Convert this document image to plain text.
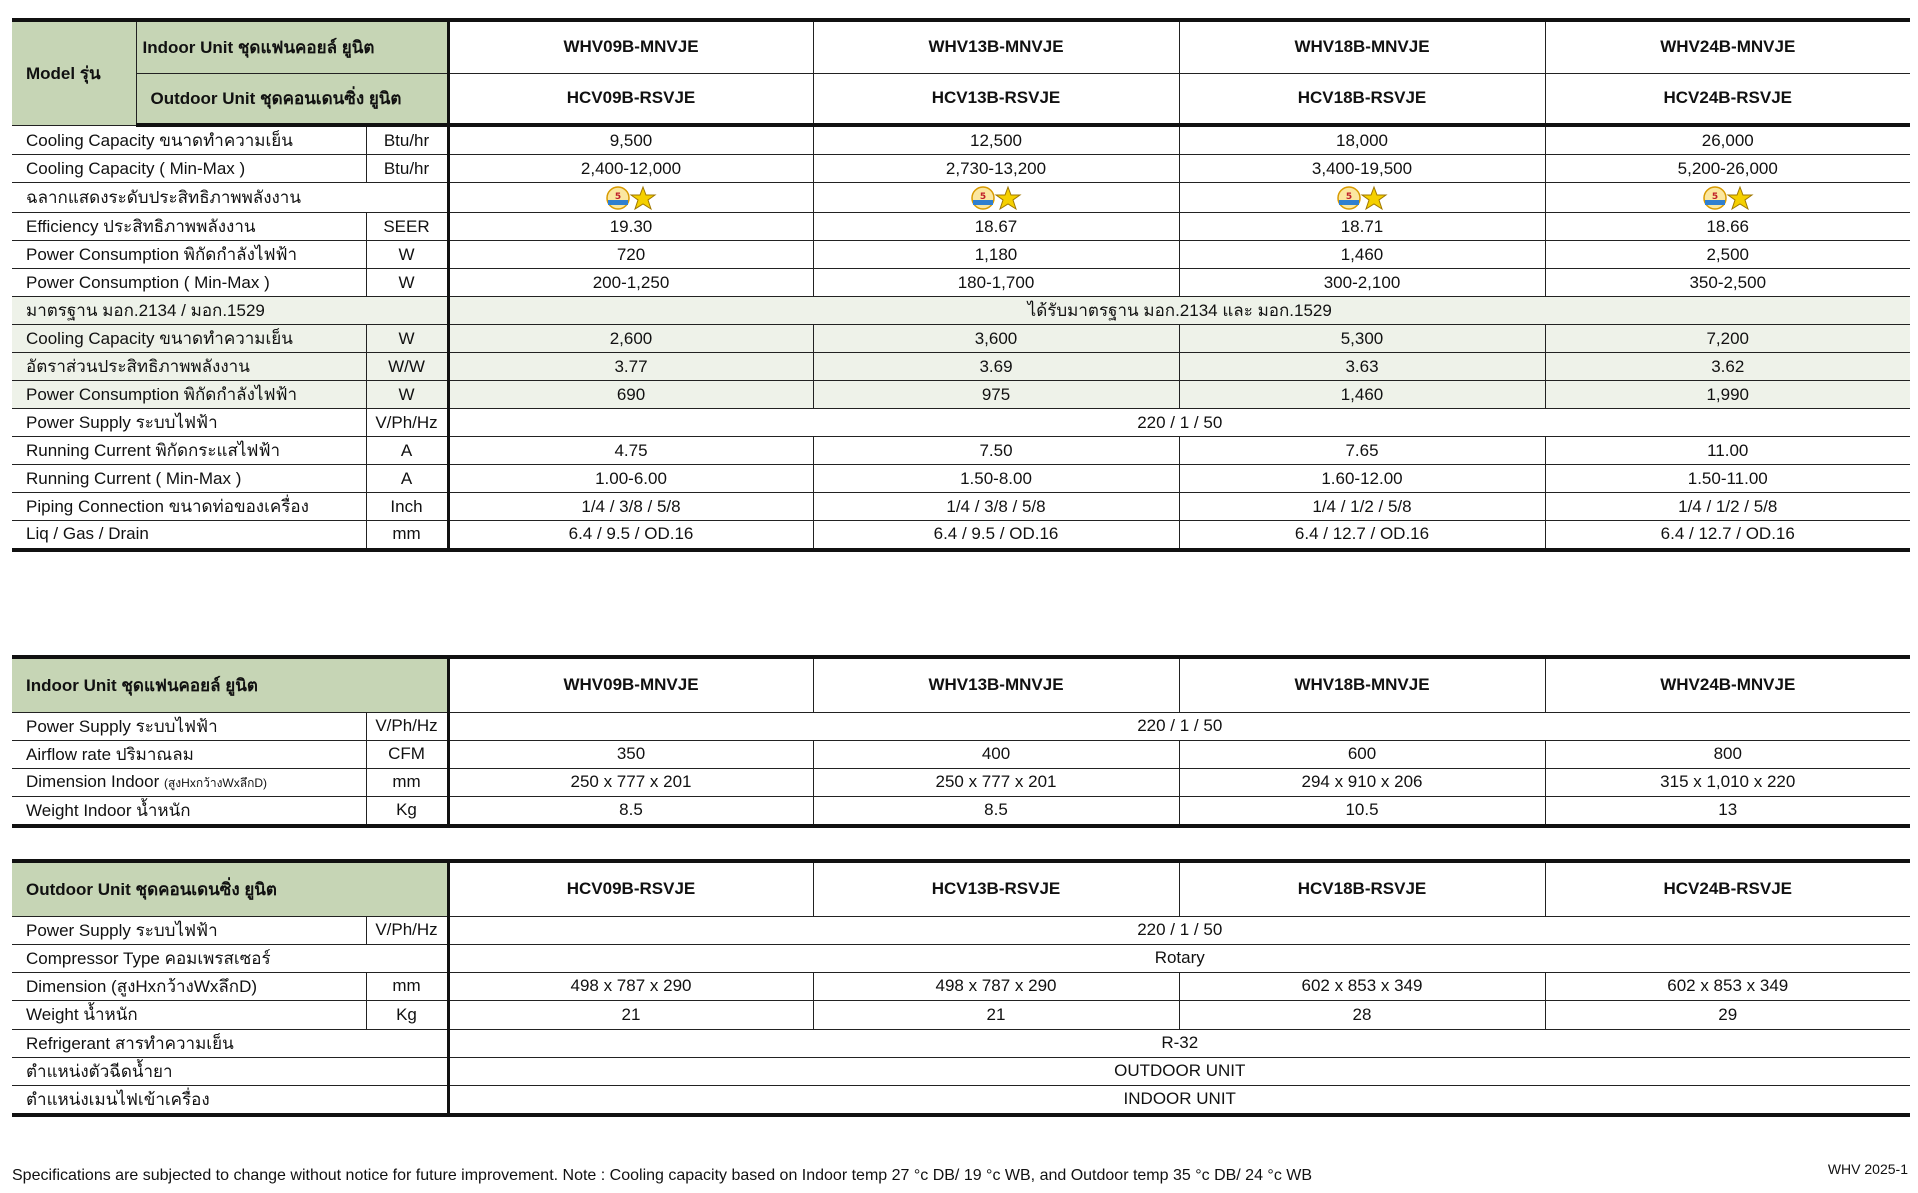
Model รุ่น	Indoor Unit ชุดแฟนคอยล์ ยูนิต		WHV09B-MNVJE	WHV13B-MNVJE	WHV18B-MNVJE	WHV24B-MNVJE
	Outdoor Unit ชุดคอนเดนซิ่ง ยูนิต		HCV09B-RSVJE	HCV13B-RSVJE	HCV18B-RSVJE	HCV24B-RSVJE
Cooling Capacity ขนาดทำความเย็น		Btu/hr	9,500	12,500	18,000	26,000
Cooling Capacity ( Min-Max )		Btu/hr	2,400-12,000	2,730-13,200	3,400-19,500	5,200-26,000
ฉลากแสดงระดับประสิทธิภาพพลังงาน			5	5	5	5

Efficiency ประสิทธิภาพพลังงาน		SEER	19.30	18.67	18.71	18.66
Power Consumption พิกัดกำลังไฟฟ้า		W	720	1,180	1,460	2,500
Power Consumption ( Min-Max )		W	200-1,250	180-1,700	300-2,100	350-2,500
มาตรฐาน มอก.2134 / มอก.1529			ได้รับมาตรฐาน มอก.2134 และ มอก.1529			
Cooling Capacity ขนาดทำความเย็น		W	2,600	3,600	5,300	7,200
อัตราส่วนประสิทธิภาพพลังงาน		W/W	3.77	3.69	3.63	3.62
Power Consumption พิกัดกำลังไฟฟ้า		W	690	975	1,460	1,990
Power Supply ระบบไฟฟ้า		V/Ph/Hz	220 / 1 / 50			
Running Current พิกัดกระแสไฟฟ้า		A	4.75	7.50	7.65	11.00
Running Current ( Min-Max )		A	1.00-6.00	1.50-8.00	1.60-12.00	1.50-11.00
Piping Connection ขนาดท่อของเครื่อง		Inch	1/4 / 3/8 / 5/8	1/4 / 3/8 / 5/8	1/4 / 1/2 / 5/8	1/4 / 1/2 / 5/8
Liq / Gas / Drain		mm	6.4 / 9.5 / OD.16	6.4 / 9.5 / OD.16	6.4 / 12.7 / OD.16	6.4 / 12.7 / OD.16
Indoor Unit ชุดแฟนคอยล์ ยูนิต		WHV09B-MNVJE	WHV13B-MNVJE	WHV18B-MNVJE	WHV24B-MNVJE
Power Supply ระบบไฟฟ้า	V/Ph/Hz	220 / 1 / 50			
Airflow rate ปริมาณลม	CFM	350	400	600	800
Dimension Indoor (สูงHxกว้างWxลึกD)	mm	250 x 777 x 201	250 x 777 x 201	294 x 910 x 206	315 x 1,010 x 220
Weight Indoor น้ำหนัก	Kg	8.5	8.5	10.5	13
Outdoor Unit ชุดคอนเดนซิ่ง ยูนิต		HCV09B-RSVJE	HCV13B-RSVJE	HCV18B-RSVJE	HCV24B-RSVJE
Power Supply ระบบไฟฟ้า	V/Ph/Hz	220 / 1 / 50			
Compressor Type คอมเพรสเซอร์		Rotary			
Dimension (สูงHxกว้างWxลึกD)	mm	498 x 787 x 290	498 x 787 x 290	602 x 853 x 349	602 x 853 x 349
Weight น้ำหนัก	Kg	21	21	28	29
Refrigerant สารทำความเย็น		R-32			
ตำแหน่งตัวฉีดน้ำยา		OUTDOOR UNIT			
ตำแหน่งเมนไฟเข้าเครื่อง		INDOOR UNIT			
Specifications are subjected to change without notice for future improvement. Note : Cooling capacity based on Indoor temp 27 °c DB/ 19 °c WB, and Outdoor temp 35 °c DB/ 24 °c WB	WHV 2025-1
